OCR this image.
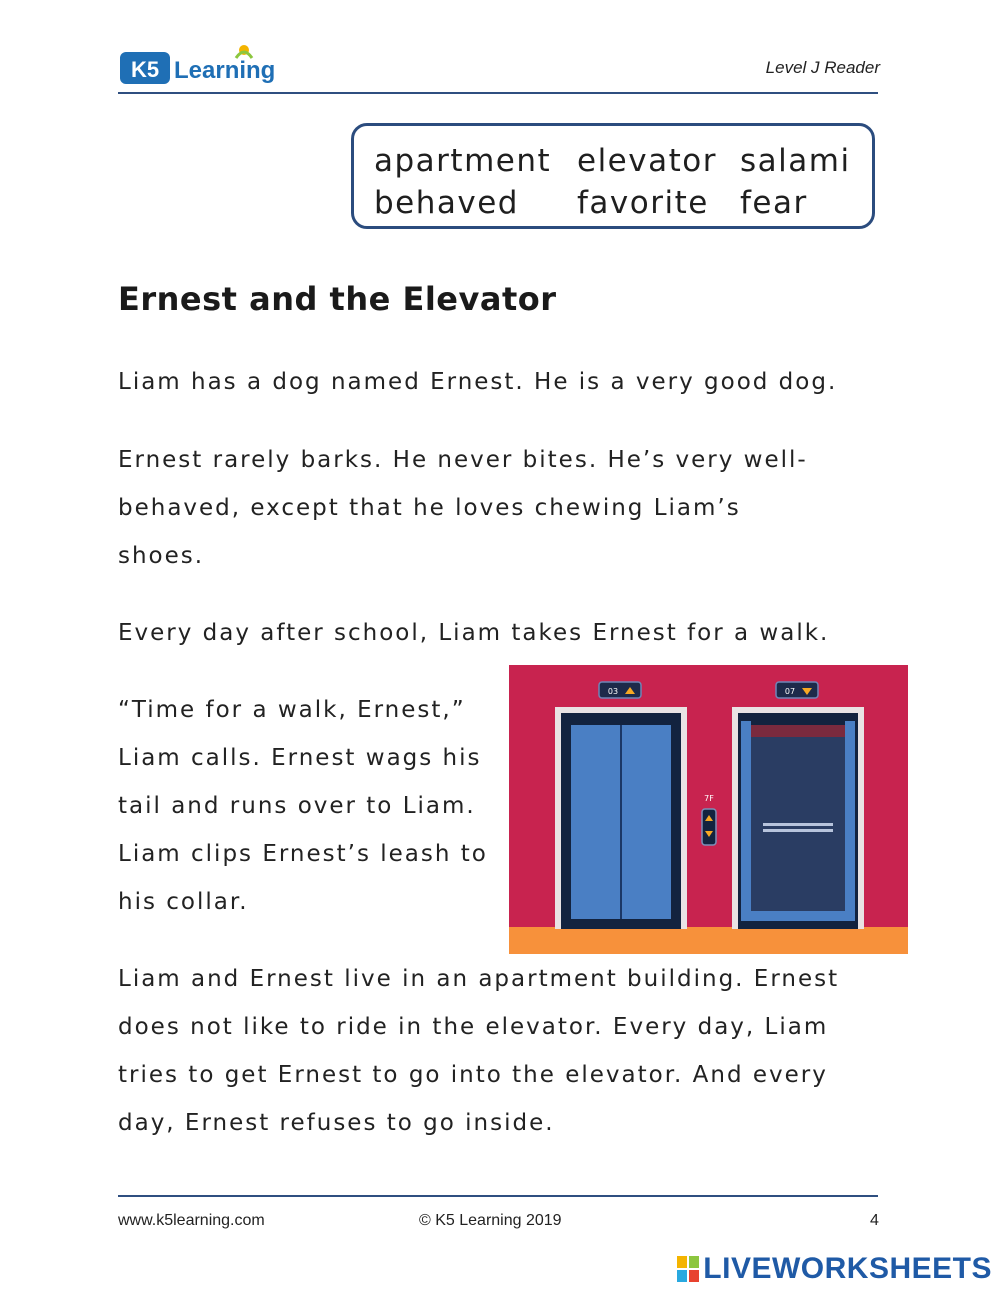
K5 Learning	Level J Reader
apartment elevator salami
behaved	favorite	fear
Ernest and the Elevator
Liam has a dog named Ernest. He is a very good dog.
Ernest rarely barks. He never bites. He’s very well-
behaved, except that he loves chewing Liam’s
shoes.
Every day after school, Liam takes Ernest for a walk.
“Time for a walk, Ernest,”
Liam calls. Ernest wags his
tail and runs over to Liam.
Liam clips Ernest’s leash to
his collar.
Liam and Ernest live in an apartment building. Ernest
does not like to ride in the elevator. Every day, Liam
tries to get Ernest to go into the elevator. And every
day, Ernest refuses to go inside.
03
7F
07
www.k5learning.com	© K5 Learning 2019	4
LIVEWORKSHEETS
